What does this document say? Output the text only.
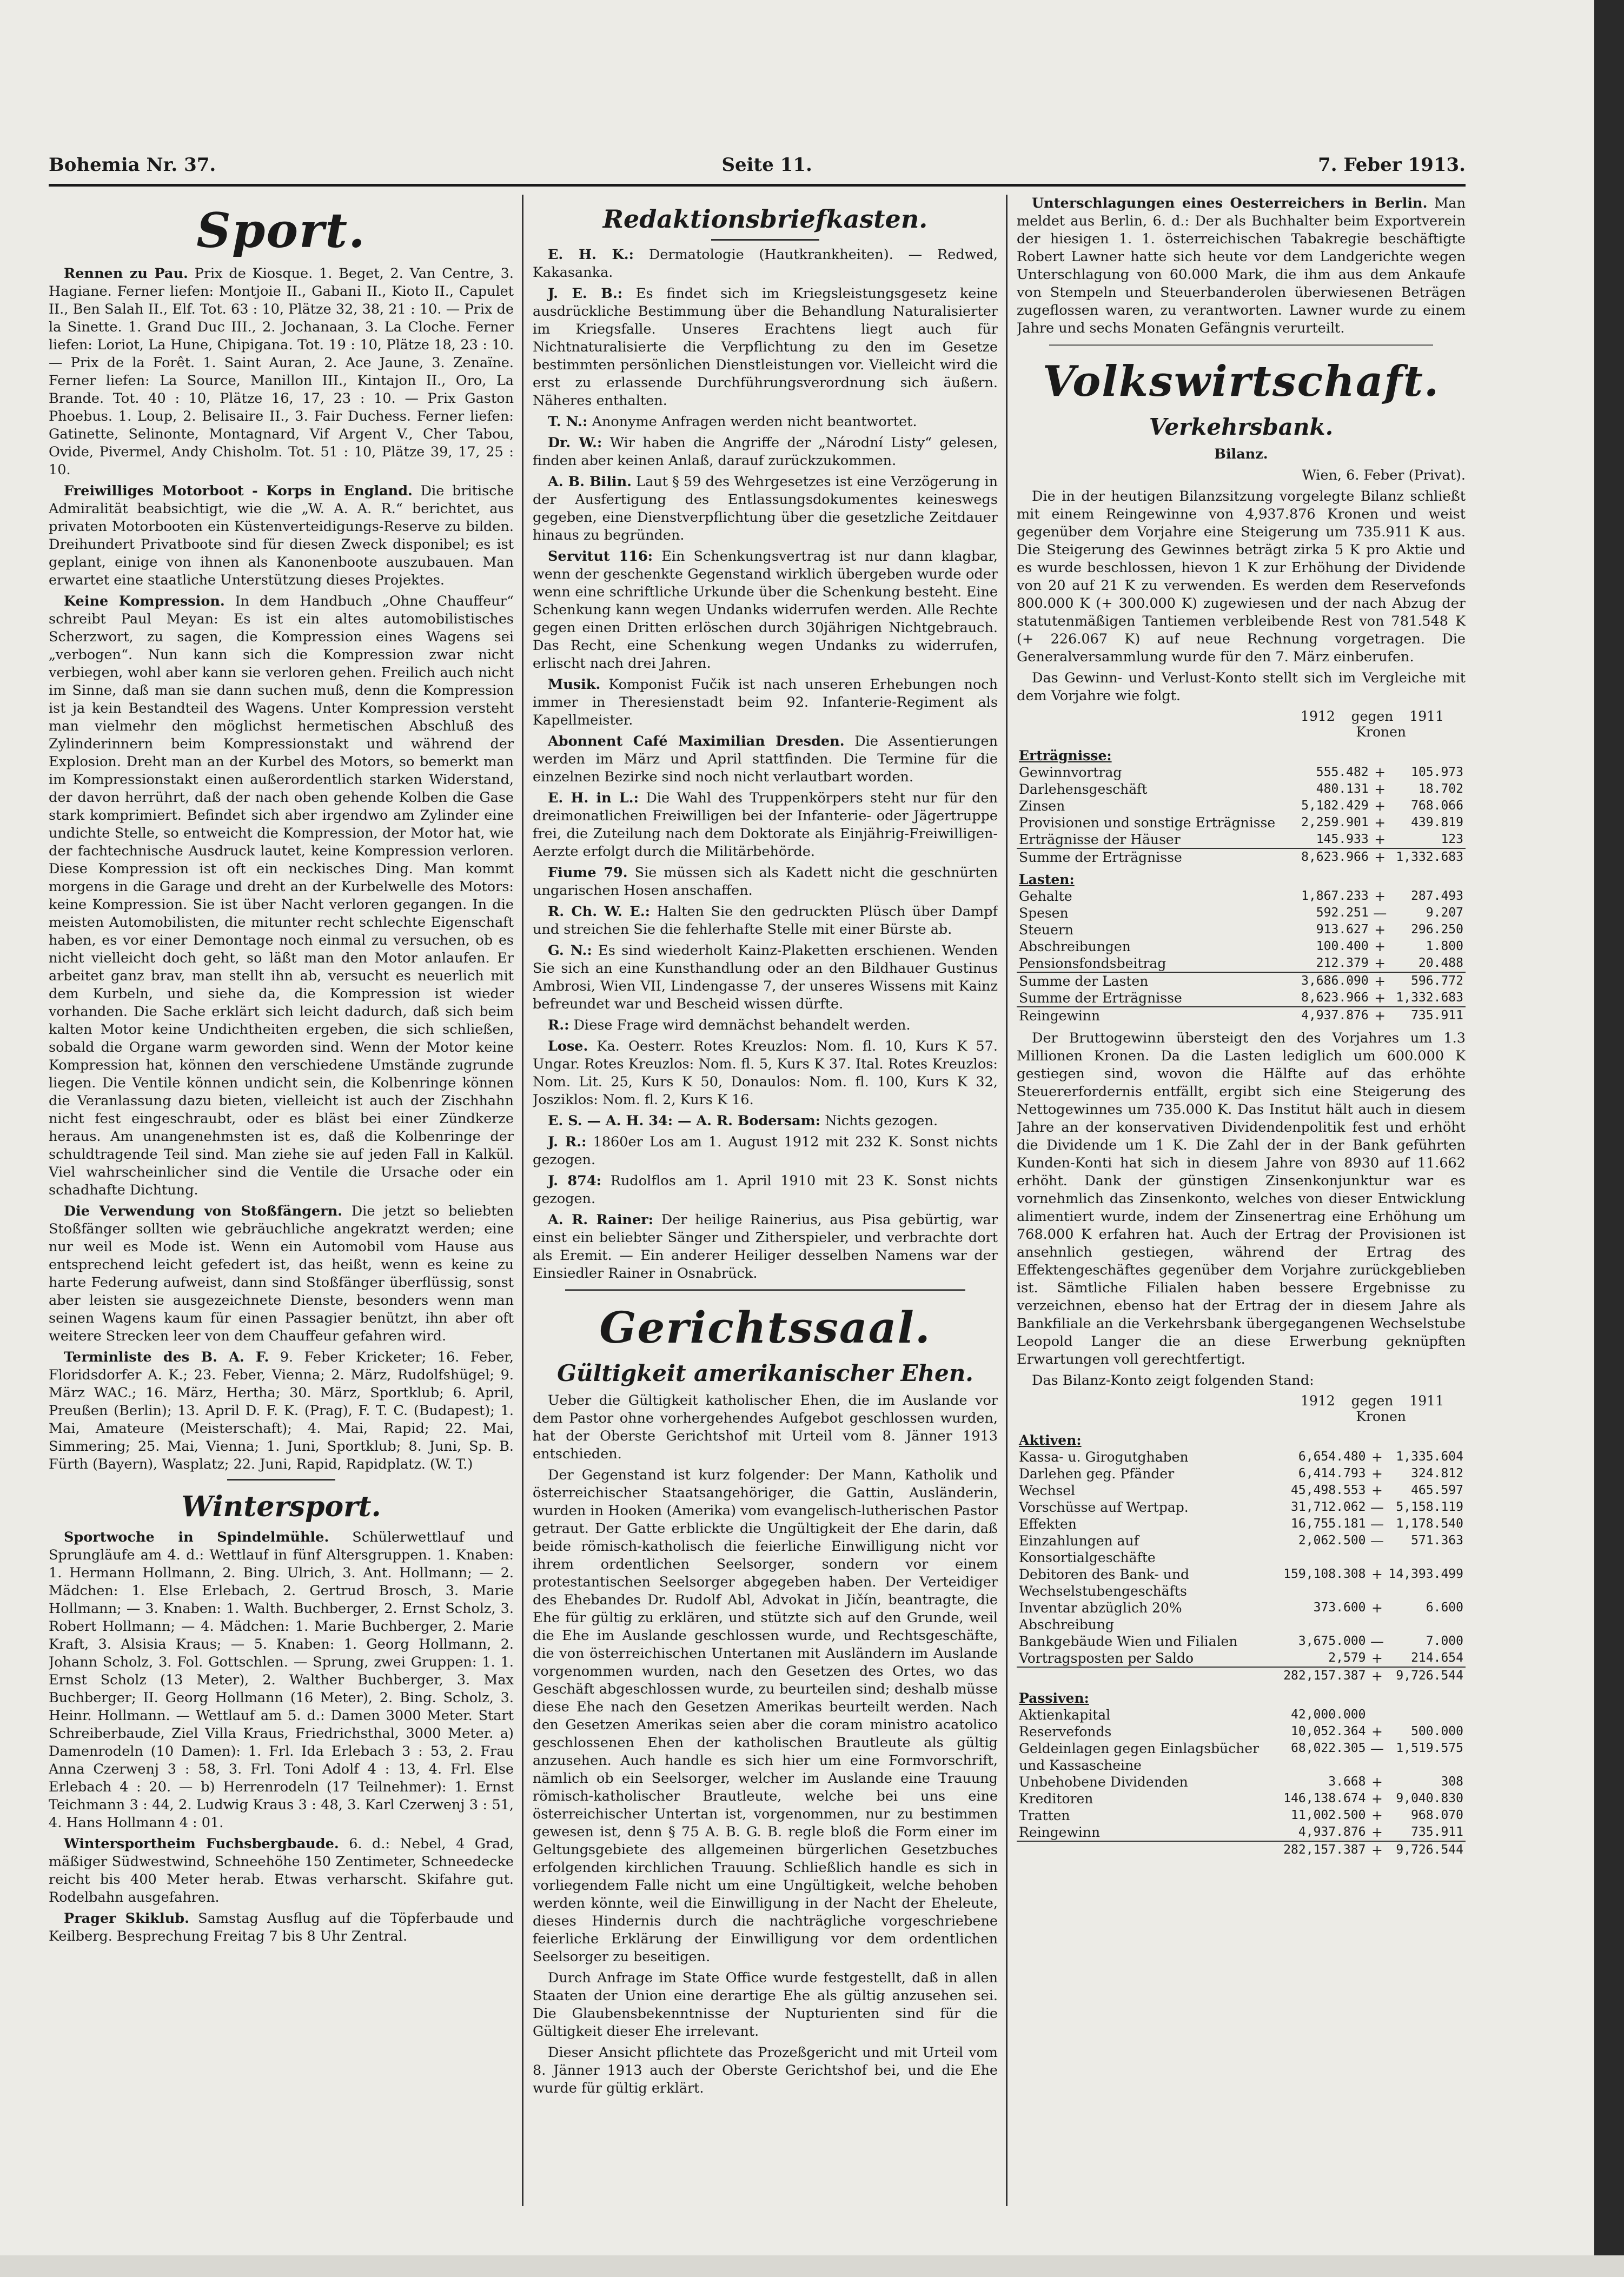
Bohemia Nr. 37.	Seite 11.	7. Feber 1913.
Sport.

Rennen zu Pau. Prix de Kiosque. 1. Beget, 2. Van Centre, 3. Hagiane. Ferner liefen: Montjoie II., Gabani II., Kioto II., Capulet II., Ben Salah II., Elf. Tot. 63 : 10, Plätze 32, 38, 21 : 10. — Prix de la Sinette. 1. Grand Duc III., 2. Jochanaan, 3. La Cloche. Ferner liefen: Loriot, La Hune, Chipigana. Tot. 19 : 10, Plätze 18, 23 : 10. — Prix de la Forêt. 1. Saint Auran, 2. Ace Jaune, 3. Zenaïne. Ferner liefen: La Source, Manillon III., Kintajon II., Oro, La Brande. Tot. 40 : 10, Plätze 16, 17, 23 : 10. — Prix Gaston Phoebus. 1. Loup, 2. Belisaire II., 3. Fair Duchess. Ferner liefen: Gatinette, Selinonte, Montagnard, Vif Argent V., Cher Tabou, Ovide, Pivermel, Andy Chisholm. Tot. 51 : 10, Plätze 39, 17, 25 : 10.

Freiwilliges Motorboot - Korps in England. Die britische Admiralität beabsichtigt, wie die „W. A. A. R.“ berichtet, aus privaten Motorbooten ein Küstenverteidigungs-Reserve zu bilden. Dreihundert Privatboote sind für diesen Zweck disponibel; es ist geplant, einige von ihnen als Kanonenboote auszubauen. Man erwartet eine staatliche Unterstützung dieses Projektes.

Keine Kompression. In dem Handbuch „Ohne Chauffeur“ schreibt Paul Meyan: Es ist ein altes automobilistisches Scherzwort, zu sagen, die Kompression eines Wagens sei „verbogen“. Nun kann sich die Kompression zwar nicht verbiegen, wohl aber kann sie verloren gehen. Freilich auch nicht im Sinne, daß man sie dann suchen muß, denn die Kompression ist ja kein Bestandteil des Wagens. Unter Kompression versteht man vielmehr den möglichst hermetischen Abschluß des Zylinderinnern beim Kompressionstakt und während der Explosion. Dreht man an der Kurbel des Motors, so bemerkt man im Kompressionstakt einen außerordentlich starken Widerstand, der davon herrührt, daß der nach oben gehende Kolben die Gase stark komprimiert. Befindet sich aber irgendwo am Zylinder eine undichte Stelle, so entweicht die Kompression, der Motor hat, wie der fachtechnische Ausdruck lautet, keine Kompression verloren. Diese Kompression ist oft ein neckisches Ding. Man kommt morgens in die Garage und dreht an der Kurbelwelle des Motors: keine Kompression. Sie ist über Nacht verloren gegangen. In die meisten Automobilisten, die mitunter recht schlechte Eigenschaft haben, es vor einer Demontage noch einmal zu versuchen, ob es nicht vielleicht doch geht, so läßt man den Motor anlaufen. Er arbeitet ganz brav, man stellt ihn ab, versucht es neuerlich mit dem Kurbeln, und siehe da, die Kompression ist wieder vorhanden. Die Sache erklärt sich leicht dadurch, daß sich beim kalten Motor keine Undichtheiten ergeben, die sich schließen, sobald die Organe warm geworden sind. Wenn der Motor keine Kompression hat, können den verschiedene Umstände zugrunde liegen. Die Ventile können undicht sein, die Kolbenringe können die Veranlassung dazu bieten, vielleicht ist auch der Zischhahn nicht fest eingeschraubt, oder es bläst bei einer Zündkerze heraus. Am unangenehmsten ist es, daß die Kolbenringe der schuldtragende Teil sind. Man ziehe sie auf jeden Fall in Kalkül. Viel wahrscheinlicher sind die Ventile die Ursache oder ein schadhafte Dichtung.

Die Verwendung von Stoßfängern. Die jetzt so beliebten Stoßfänger sollten wie gebräuchliche angekratzt werden; eine nur weil es Mode ist. Wenn ein Automobil vom Hause aus entsprechend leicht gefedert ist, das heißt, wenn es keine zu harte Federung aufweist, dann sind Stoßfänger überflüssig, sonst aber leisten sie ausgezeichnete Dienste, besonders wenn man seinen Wagens kaum für einen Passagier benützt, ihn aber oft weitere Strecken leer von dem Chauffeur gefahren wird.

Terminliste des B. A. F. 9. Feber Kricketer; 16. Feber, Floridsdorfer A. K.; 23. Feber, Vienna; 2. März, Rudolfshügel; 9. März WAC.; 16. März, Hertha; 30. März, Sportklub; 6. April, Preußen (Berlin); 13. April D. F. K. (Prag), F. T. C. (Budapest); 1. Mai, Amateure (Meisterschaft); 4. Mai, Rapid; 22. Mai, Simmering; 25. Mai, Vienna; 1. Juni, Sportklub; 8. Juni, Sp. B. Fürth (Bayern), Wasplatz; 22. Juni, Rapid, Rapidplatz. (W. T.)

Wintersport.

Sportwoche in Spindelmühle. Schülerwettlauf und Sprungläufe am 4. d.: Wettlauf in fünf Altersgruppen. 1. Knaben: 1. Hermann Hollmann, 2. Bing. Ulrich, 3. Ant. Hollmann; — 2. Mädchen: 1. Else Erlebach, 2. Gertrud Brosch, 3. Marie Hollmann; — 3. Knaben: 1. Walth. Buchberger, 2. Ernst Scholz, 3. Robert Hollmann; — 4. Mädchen: 1. Marie Buchberger, 2. Marie Kraft, 3. Alsisia Kraus; — 5. Knaben: 1. Georg Hollmann, 2. Johann Scholz, 3. Fol. Gottschlen. — Sprung, zwei Gruppen: 1. 1. Ernst Scholz (13 Meter), 2. Walther Buchberger, 3. Max Buchberger; II. Georg Hollmann (16 Meter), 2. Bing. Scholz, 3. Heinr. Hollmann. — Wettlauf am 5. d.: Damen 3000 Meter. Start Schreiberbaude, Ziel Villa Kraus, Friedrichsthal, 3000 Meter. a) Damenrodeln (10 Damen): 1. Frl. Ida Erlebach 3 : 53, 2. Frau Anna Czerwenj 3 : 58, 3. Frl. Toni Adolf 4 : 13, 4. Frl. Else Erlebach 4 : 20. — b) Herrenrodeln (17 Teilnehmer): 1. Ernst Teichmann 3 : 44, 2. Ludwig Kraus 3 : 48, 3. Karl Czerwenj 3 : 51, 4. Hans Hollmann 4 : 01.

Wintersportheim Fuchsbergbaude. 6. d.: Nebel, 4 Grad, mäßiger Südwestwind, Schneehöhe 150 Zentimeter, Schneedecke reicht bis 400 Meter herab. Etwas verharscht. Skifahre gut. Rodelbahn ausgefahren.

Prager Skiklub. Samstag Ausflug auf die Töpferbaude und Keilberg. Besprechung Freitag 7 bis 8 Uhr Zentral.

Redaktionsbriefkasten.

E. H. K.: Dermatologie (Hautkrankheiten). — Redwed, Kakasanka.

J. E. B.: Es findet sich im Kriegsleistungsgesetz keine ausdrückliche Bestimmung über die Behandlung Naturalisierter im Kriegsfalle. Unseres Erachtens liegt auch für Nichtnaturalisierte die Verpflichtung zu den im Gesetze bestimmten persönlichen Dienstleistungen vor. Vielleicht wird die erst zu erlassende Durchführungsverordnung sich äußern. Näheres enthalten.

T. N.: Anonyme Anfragen werden nicht beantwortet.

Dr. W.: Wir haben die Angriffe der „Národní Listy“ gelesen, finden aber keinen Anlaß, darauf zurückzukommen.

A. B. Bilin. Laut § 59 des Wehrgesetzes ist eine Verzögerung in der Ausfertigung des Entlassungsdokumentes keineswegs gegeben, eine Dienstverpflichtung über die gesetzliche Zeitdauer hinaus zu begründen.

Servitut 116: Ein Schenkungsvertrag ist nur dann klagbar, wenn der geschenkte Gegenstand wirklich übergeben wurde oder wenn eine schriftliche Urkunde über die Schenkung besteht. Eine Schenkung kann wegen Undanks widerrufen werden. Alle Rechte gegen einen Dritten erlöschen durch 30jährigen Nichtgebrauch. Das Recht, eine Schenkung wegen Undanks zu widerrufen, erlischt nach drei Jahren.

Musik. Komponist Fučik ist nach unseren Erhebungen noch immer in Theresienstadt beim 92. Infanterie-Regiment als Kapellmeister.

Abonnent Café Maximilian Dresden. Die Assentierungen werden im März und April stattfinden. Die Termine für die einzelnen Bezirke sind noch nicht verlautbart worden.

E. H. in L.: Die Wahl des Truppenkörpers steht nur für den dreimonatlichen Freiwilligen bei der Infanterie- oder Jägertruppe frei, die Zuteilung nach dem Doktorate als Einjährig-Freiwilligen-Aerzte erfolgt durch die Militärbehörde.

Fiume 79. Sie müssen sich als Kadett nicht die geschnürten ungarischen Hosen anschaffen.

R. Ch. W. E.: Halten Sie den gedruckten Plüsch über Dampf und streichen Sie die fehlerhafte Stelle mit einer Bürste ab.

G. N.: Es sind wiederholt Kainz-Plaketten erschienen. Wenden Sie sich an eine Kunsthandlung oder an den Bildhauer Gustinus Ambrosi, Wien VII, Lindengasse 7, der unseres Wissens mit Kainz befreundet war und Bescheid wissen dürfte.

R.: Diese Frage wird demnächst behandelt werden.

Lose. Ka. Oesterr. Rotes Kreuzlos: Nom. fl. 10, Kurs K 57. Ungar. Rotes Kreuzlos: Nom. fl. 5, Kurs K 37. Ital. Rotes Kreuzlos: Nom. Lit. 25, Kurs K 50, Donaulos: Nom. fl. 100, Kurs K 32, Josziklos: Nom. fl. 2, Kurs K 16.

E. S. — A. H. 34: — A. R. Bodersam: Nichts gezogen.

J. R.: 1860er Los am 1. August 1912 mit 232 K. Sonst nichts gezogen.

J. 874: Rudolflos am 1. April 1910 mit 23 K. Sonst nichts gezogen.

A. R. Rainer: Der heilige Rainerius, aus Pisa gebürtig, war einst ein beliebter Sänger und Zitherspieler, und verbrachte dort als Eremit. — Ein anderer Heiliger desselben Namens war der Einsiedler Rainer in Osnabrück.

Gerichtssaal.
Gültigkeit amerikanischer Ehen.

Ueber die Gültigkeit katholischer Ehen, die im Auslande vor dem Pastor ohne vorhergehendes Aufgebot geschlossen wurden, hat der Oberste Gerichtshof mit Urteil vom 8. Jänner 1913 entschieden.

Der Gegenstand ist kurz folgender: Der Mann, Katholik und österreichischer Staatsangehöriger, die Gattin, Ausländerin, wurden in Hooken (Amerika) vom evangelisch-lutherischen Pastor getraut. Der Gatte erblickte die Ungültigkeit der Ehe darin, daß beide römisch-katholisch die feierliche Einwilligung nicht vor ihrem ordentlichen Seelsorger, sondern vor einem protestantischen Seelsorger abgegeben haben. Der Verteidiger des Ehebandes Dr. Rudolf Abl, Advokat in Jičín, beantragte, die Ehe für gültig zu erklären, und stützte sich auf den Grunde, weil die Ehe im Auslande geschlossen wurde, und Rechtsgeschäfte, die von österreichischen Untertanen mit Ausländern im Auslande vorgenommen wurden, nach den Gesetzen des Ortes, wo das Geschäft abgeschlossen wurde, zu beurteilen sind; deshalb müsse diese Ehe nach den Gesetzen Amerikas beurteilt werden. Nach den Gesetzen Amerikas seien aber die coram ministro acatolico geschlossenen Ehen der katholischen Brautleute als gültig anzusehen. Auch handle es sich hier um eine Formvorschrift, nämlich ob ein Seelsorger, welcher im Auslande eine Trauung römisch-katholischer Brautleute, welche bei uns eine österreichischer Untertan ist, vorgenommen, nur zu bestimmen gewesen ist, denn § 75 A. B. G. B. regle bloß die Form einer im Geltungsgebiete des allgemeinen bürgerlichen Gesetzbuches erfolgenden kirchlichen Trauung. Schließlich handle es sich in vorliegendem Falle nicht um eine Ungültigkeit, welche behoben werden könnte, weil die Einwilligung in der Nacht der Eheleute, dieses Hindernis durch die nachträgliche vorgeschriebene feierliche Erklärung der Einwilligung vor dem ordentlichen Seelsorger zu beseitigen.

Durch Anfrage im State Office wurde festgestellt, daß in allen Staaten der Union eine derartige Ehe als gültig anzusehen sei. Die Glaubensbekenntnisse der Nupturienten sind für die Gültigkeit dieser Ehe irrelevant.

Dieser Ansicht pflichtete das Prozeßgericht und mit Urteil vom 8. Jänner 1913 auch der Oberste Gerichtshof bei, und die Ehe wurde für gültig erklärt.

Unterschlagungen eines Oesterreichers in Berlin. Man meldet aus Berlin, 6. d.: Der als Buchhalter beim Exportverein der hiesigen 1. 1. österreichischen Tabakregie beschäftigte Robert Lawner hatte sich heute vor dem Landgerichte wegen Unterschlagung von 60.000 Mark, die ihm aus dem Ankaufe von Stempeln und Steuerbanderolen überwiesenen Beträgen zugeflossen waren, zu verantworten. Lawner wurde zu einem Jahre und sechs Monaten Gefängnis verurteilt.

Volkswirtschaft.
Verkehrsbank.

Bilanz.

Wien, 6. Feber (Privat).

Die in der heutigen Bilanzsitzung vorgelegte Bilanz schließt mit einem Reingewinne von 4,937.876 Kronen und weist gegenüber dem Vorjahre eine Steigerung um 735.911 K aus. Die Steigerung des Gewinnes beträgt zirka 5 K pro Aktie und es wurde beschlossen, hievon 1 K zur Erhöhung der Dividende von 20 auf 21 K zu verwenden. Es werden dem Reservefonds 800.000 K (+ 300.000 K) zugewiesen und der nach Abzug der statutenmäßigen Tantiemen verbleibende Rest von 781.548 K (+ 226.067 K) auf neue Rechnung vorgetragen. Die Generalversammlung wurde für den 7. März einberufen.

Das Gewinn- und Verlust-Konto stellt sich im Vergleiche mit dem Vorjahre wie folgt.

1912 gegen 1911
Kronen
Erträgnisse:			
Gewinnvortrag	555.482	+	105.973
Darlehensgeschäft	480.131	+	18.702
Zinsen	5,182.429	+	768.066
Provisionen und sonstige Erträgnisse	2,259.901	+	439.819
Erträgnisse der Häuser	145.933	+	123
Summe der Erträgnisse	8,623.966	+	1,332.683
Lasten:			
Gehalte	1,867.233	+	287.493
Spesen	592.251	—	9.207
Steuern	913.627	+	296.250
Abschreibungen	100.400	+	1.800
Pensionsfondsbeitrag	212.379	+	20.488
Summe der Lasten	3,686.090	+	596.772
Summe der Erträgnisse	8,623.966	+	1,332.683
Reingewinn	4,937.876	+	735.911

Der Bruttogewinn übersteigt den des Vorjahres um 1.3 Millionen Kronen. Da die Lasten lediglich um 600.000 K gestiegen sind, wovon die Hälfte auf das erhöhte Steuererfordernis entfällt, ergibt sich eine Steigerung des Nettogewinnes um 735.000 K. Das Institut hält auch in diesem Jahre an der konservativen Dividendenpolitik fest und erhöht die Dividende um 1 K. Die Zahl der in der Bank geführten Kunden-Konti hat sich in diesem Jahre von 8930 auf 11.662 erhöht. Dank der günstigen Zinsenkonjunktur war es vornehmlich das Zinsenkonto, welches von dieser Entwicklung alimentiert wurde, indem der Zinsenertrag eine Erhöhung um 768.000 K erfahren hat. Auch der Ertrag der Provisionen ist ansehnlich gestiegen, während der Ertrag des Effektengeschäftes gegenüber dem Vorjahre zurückgeblieben ist. Sämtliche Filialen haben bessere Ergebnisse zu verzeichnen, ebenso hat der Ertrag der in diesem Jahre als Bankfiliale an die Verkehrsbank übergegangenen Wechselstube Leopold Langer die an diese Erwerbung geknüpften Erwartungen voll gerechtfertigt.

Das Bilanz-Konto zeigt folgenden Stand:

1912 gegen 1911
Kronen
Aktiven:			
Kassa- u. Girogutghaben	6,654.480	+	1,335.604
Darlehen geg. Pfänder	6,414.793	+	324.812
Wechsel	45,498.553	+	465.597
Vorschüsse auf Wertpap.	31,712.062	—	5,158.119
Effekten	16,755.181	—	1,178.540
Einzahlungen auf Konsortialgeschäfte	2,062.500	—	571.363
Debitoren des Bank- und Wechselstubengeschäfts	159,108.308	+	14,393.499
Inventar abzüglich 20% Abschreibung	373.600	+	6.600
Bankgebäude Wien und Filialen	3,675.000	—	7.000
Vortragsposten per Saldo	2,579	+	214.654
	282,157.387	+	9,726.544
Passiven:			
Aktienkapital	42,000.000		
Reservefonds	10,052.364	+	500.000
Geldeinlagen gegen Einlagsbücher und Kassascheine	68,022.305	—	1,519.575
Unbehobene Dividenden	3.668	+	308
Kreditoren	146,138.674	+	9,040.830
Tratten	11,002.500	+	968.070
Reingewinn	4,937.876	+	735.911
	282,157.387	+	9,726.544
